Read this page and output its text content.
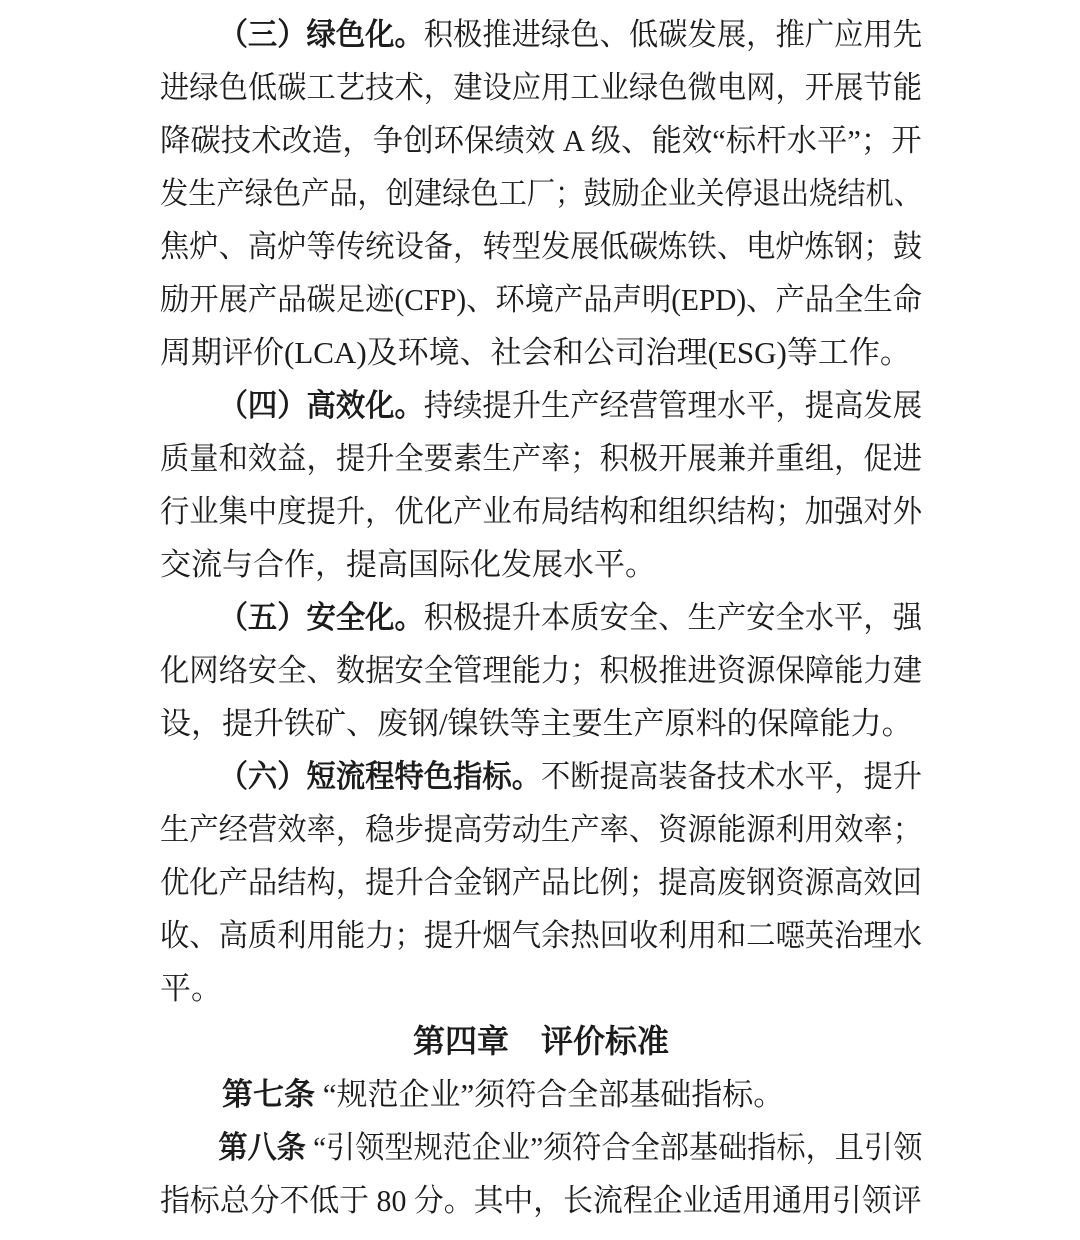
（三）绿色化。积极推进绿色、低碳发展，推广应用先
进绿色低碳工艺技术，建设应用工业绿色微电网，开展节能
降碳技术改造，争创环保绩效 A 级、能效“标杆水平”；开
发生产绿色产品，创建绿色工厂；鼓励企业关停退出烧结机、
焦炉、高炉等传统设备，转型发展低碳炼铁、电炉炼钢；鼓
励开展产品碳足迹(CFP)、环境产品声明(EPD)、产品全生命
周期评价(LCA)及环境、社会和公司治理(ESG)等工作。
（四）高效化。持续提升生产经营管理水平，提高发展
质量和效益，提升全要素生产率；积极开展兼并重组，促进
行业集中度提升，优化产业布局结构和组织结构；加强对外
交流与合作，提高国际化发展水平。
（五）安全化。积极提升本质安全、生产安全水平，强
化网络安全、数据安全管理能力；积极推进资源保障能力建
设，提升铁矿、废钢/镍铁等主要生产原料的保障能力。
（六）短流程特色指标。不断提高装备技术水平，提升
生产经营效率，稳步提高劳动生产率、资源能源利用效率；
优化产品结构，提升合金钢产品比例；提高废钢资源高效回
收、高质利用能力；提升烟气余热回收利用和二噁英治理水
平。
第四章　评价标准
第七条 “规范企业”须符合全部基础指标。
第八条 “引领型规范企业”须符合全部基础指标，且引领
指标总分不低于 80 分。其中，长流程企业适用通用引领评
